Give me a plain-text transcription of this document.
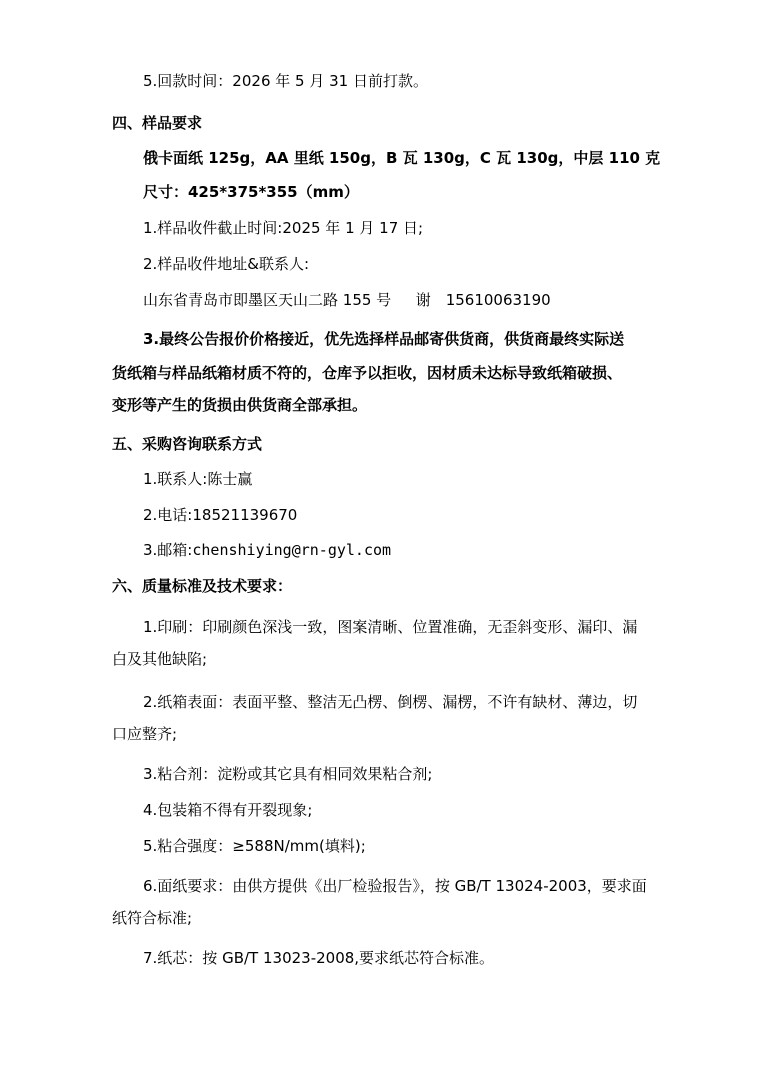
5.回款时间：2026 年 5 月 31 日前打款。
四、样品要求
俄卡面纸 125g，AA 里纸 150g，B 瓦 130g，C 瓦 130g，中层 110 克
尺寸：425*375*355（mm）
1.样品收件截止时间:2025 年 1 月 17 日;
2.样品收件地址&联系人:
山东省青岛市即墨区天山二路 155 号　  谢　15610063190
3.最终公告报价价格接近，优先选择样品邮寄供货商，供货商最终实际送
货纸箱与样品纸箱材质不符的，仓库予以拒收，因材质未达标导致纸箱破损、
变形等产生的货损由供货商全部承担。
五、采购咨询联系方式
1.联系人:陈士赢
2.电话:18521139670
3.邮箱:chenshiying@rn-gyl.com
六、质量标准及技术要求：
1.印刷：印刷颜色深浅一致，图案清晰、位置准确，无歪斜变形、漏印、漏
白及其他缺陷;
2.纸箱表面：表面平整、整洁无凸楞、倒楞、漏楞，不许有缺材、薄边，切
口应整齐;
3.粘合剂：淀粉或其它具有相同效果粘合剂;
4.包装箱不得有开裂现象;
5.粘合强度：≥588N/mm(填料);
6.面纸要求：由供方提供《出厂检验报告》，按 GB/T 13024-2003，要求面
纸符合标准;
7.纸芯：按 GB/T 13023-2008,要求纸芯符合标准。
